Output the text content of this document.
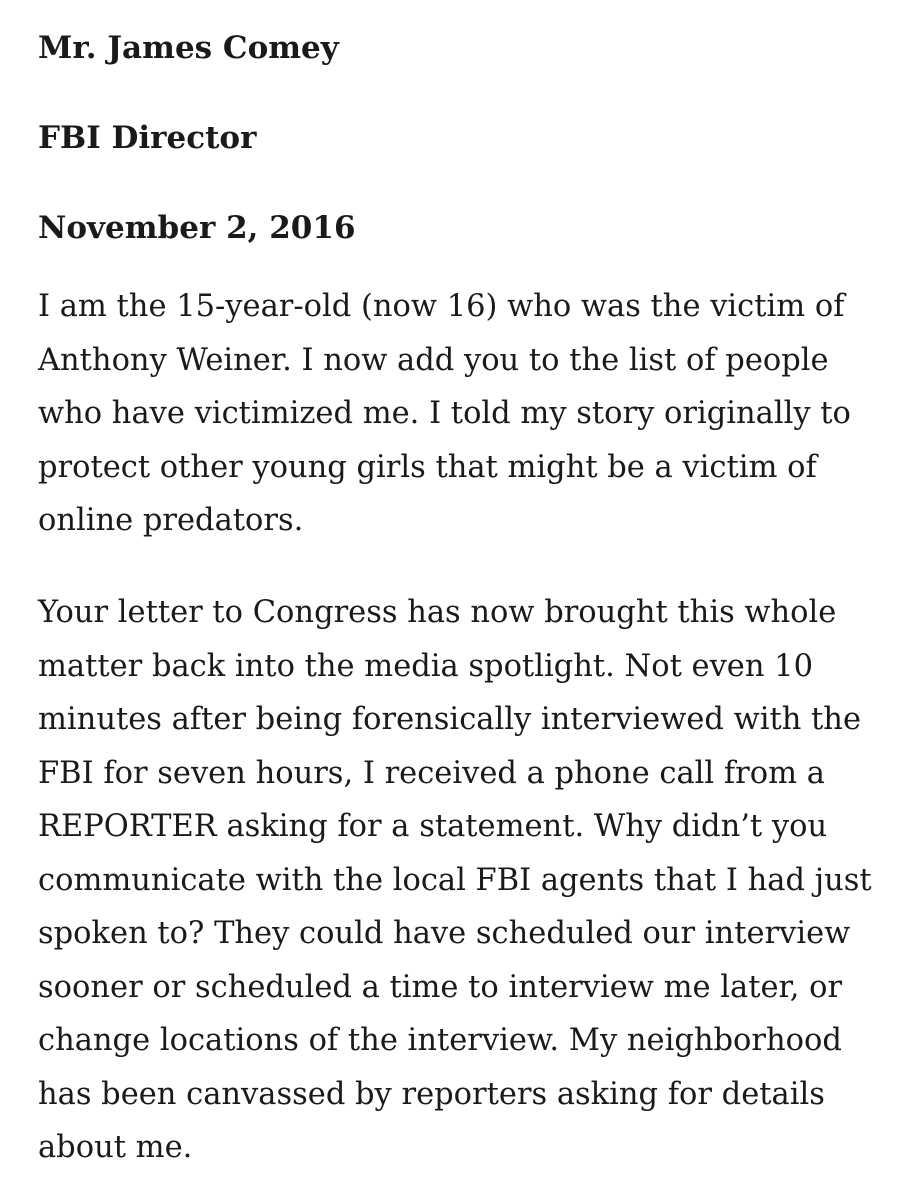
Mr. James Comey

FBI Director

November 2, 2016

I am the 15-year-old (now 16) who was the victim of
Anthony Weiner. I now add you to the list of people
who have victimized me. I told my story originally to
protect other young girls that might be a victim of
online predators.

Your letter to Congress has now brought this whole
matter back into the media spotlight. Not even 10
minutes after being forensically interviewed with the
FBI for seven hours, I received a phone call from a
REPORTER asking for a statement. Why didn’t you
communicate with the local FBI agents that I had just
spoken to? They could have scheduled our interview
sooner or scheduled a time to interview me later, or
change locations of the interview. My neighborhood
has been canvassed by reporters asking for details
about me.
